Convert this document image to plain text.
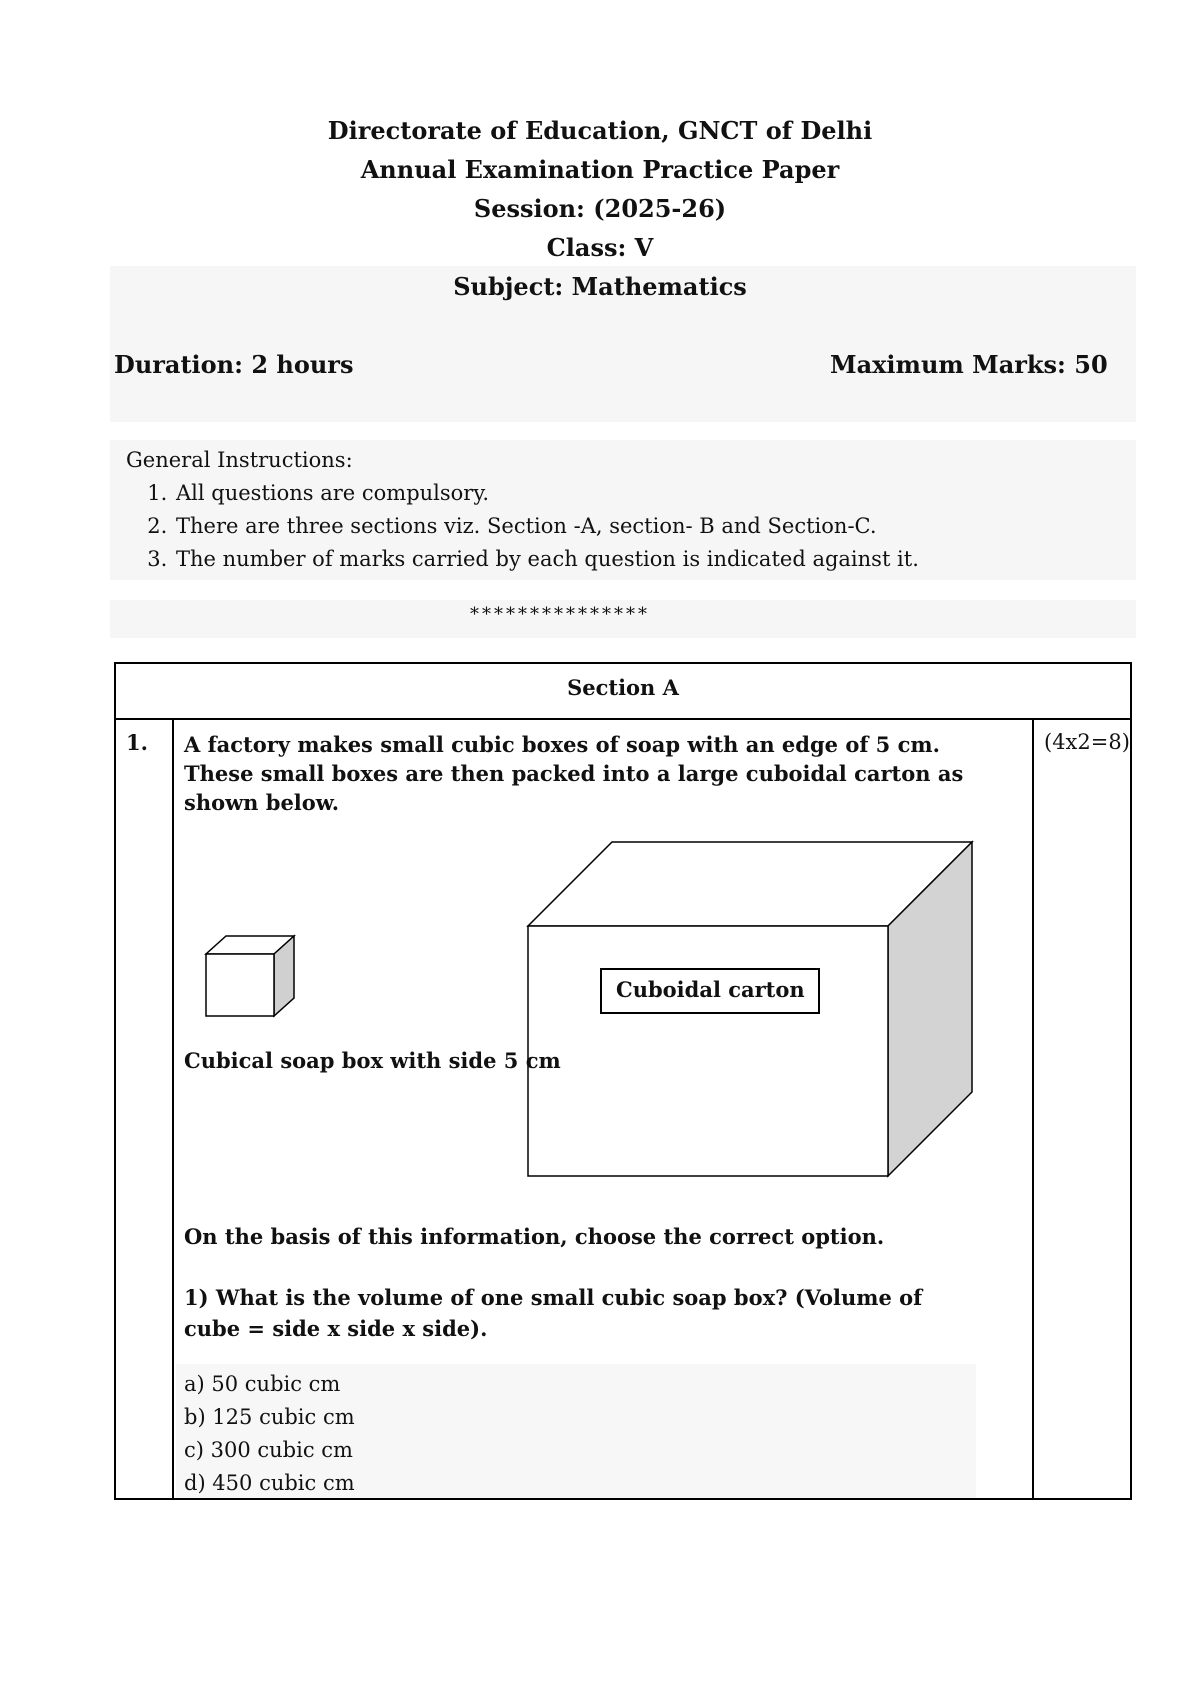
Directorate of Education, GNCT of Delhi
Annual Examination Practice Paper
Session: (2025-26)
Class: V
Subject: Mathematics
Duration: 2 hours	Maximum Marks: 50
General Instructions:
1. All questions are compulsory.
2. There are three sections viz. Section -A, section- B and Section-C.
3. The number of marks carried by each question is indicated against it.
***************
Section A
1.	(4x2=8)
A factory makes small cubic boxes of soap with an edge of 5 cm. These small boxes are then packed into a large cuboidal carton as shown below.
Cuboidal carton
Cubical soap box with side 5 cm
On the basis of this information, choose the correct option.
1) What is the volume of one small cubic soap box? (Volume of cube = side x side x side).
a) 50 cubic cm
b) 125 cubic cm
c) 300 cubic cm
d) 450 cubic cm
